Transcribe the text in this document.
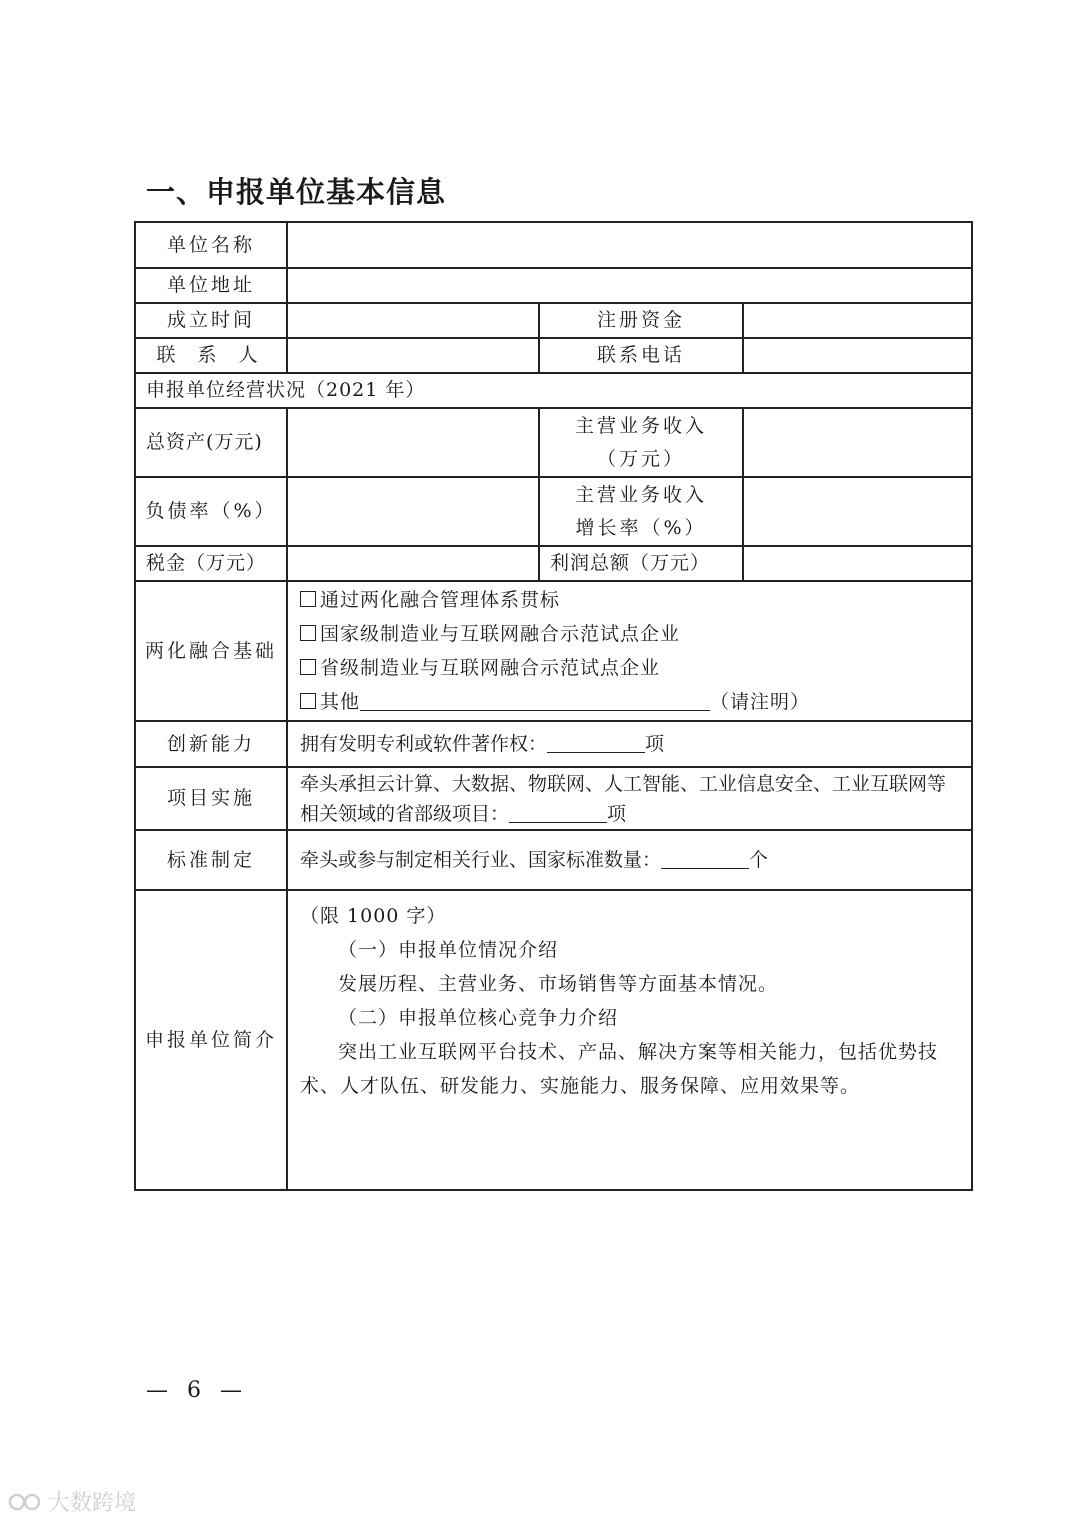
一、申报单位基本信息
单位名称			
单位地址			
成立时间		注册资金	
联 系 人		联系电话	
申报单位经营状况（2021 年）			
总资产(万元)		主营业务收入
（万元）	

负债率（%）		主营业务收入
增长率（%）	

税金（万元）		利润总额（万元）	
两化融合基础	通过两化融合管理体系贯标
国家级制造业与互联网融合示范试点企业
省级制造业与互联网融合示范试点企业
其他 （请注明）		

创新能力	拥有发明专利或软件著作权： 项		
项目实施	牵头承担云计算、大数据、物联网、人工智能、工业信息安全、工业互联网等相关领域的省部级项目： 项		
标准制定	牵头或参与制定相关行业、国家标准数量： 个		
申报单位简介	（限 1000 字）

（一）申报单位情况介绍

发展历程、主营业务、市场销售等方面基本情况。

（二）申报单位核心竞争力介绍

突出工业互联网平台技术、产品、解决方案等相关能力，包括优势技术、人才队伍、研发能力、实施能力、服务保障、应用效果等。		

— 6 —
大数跨境
